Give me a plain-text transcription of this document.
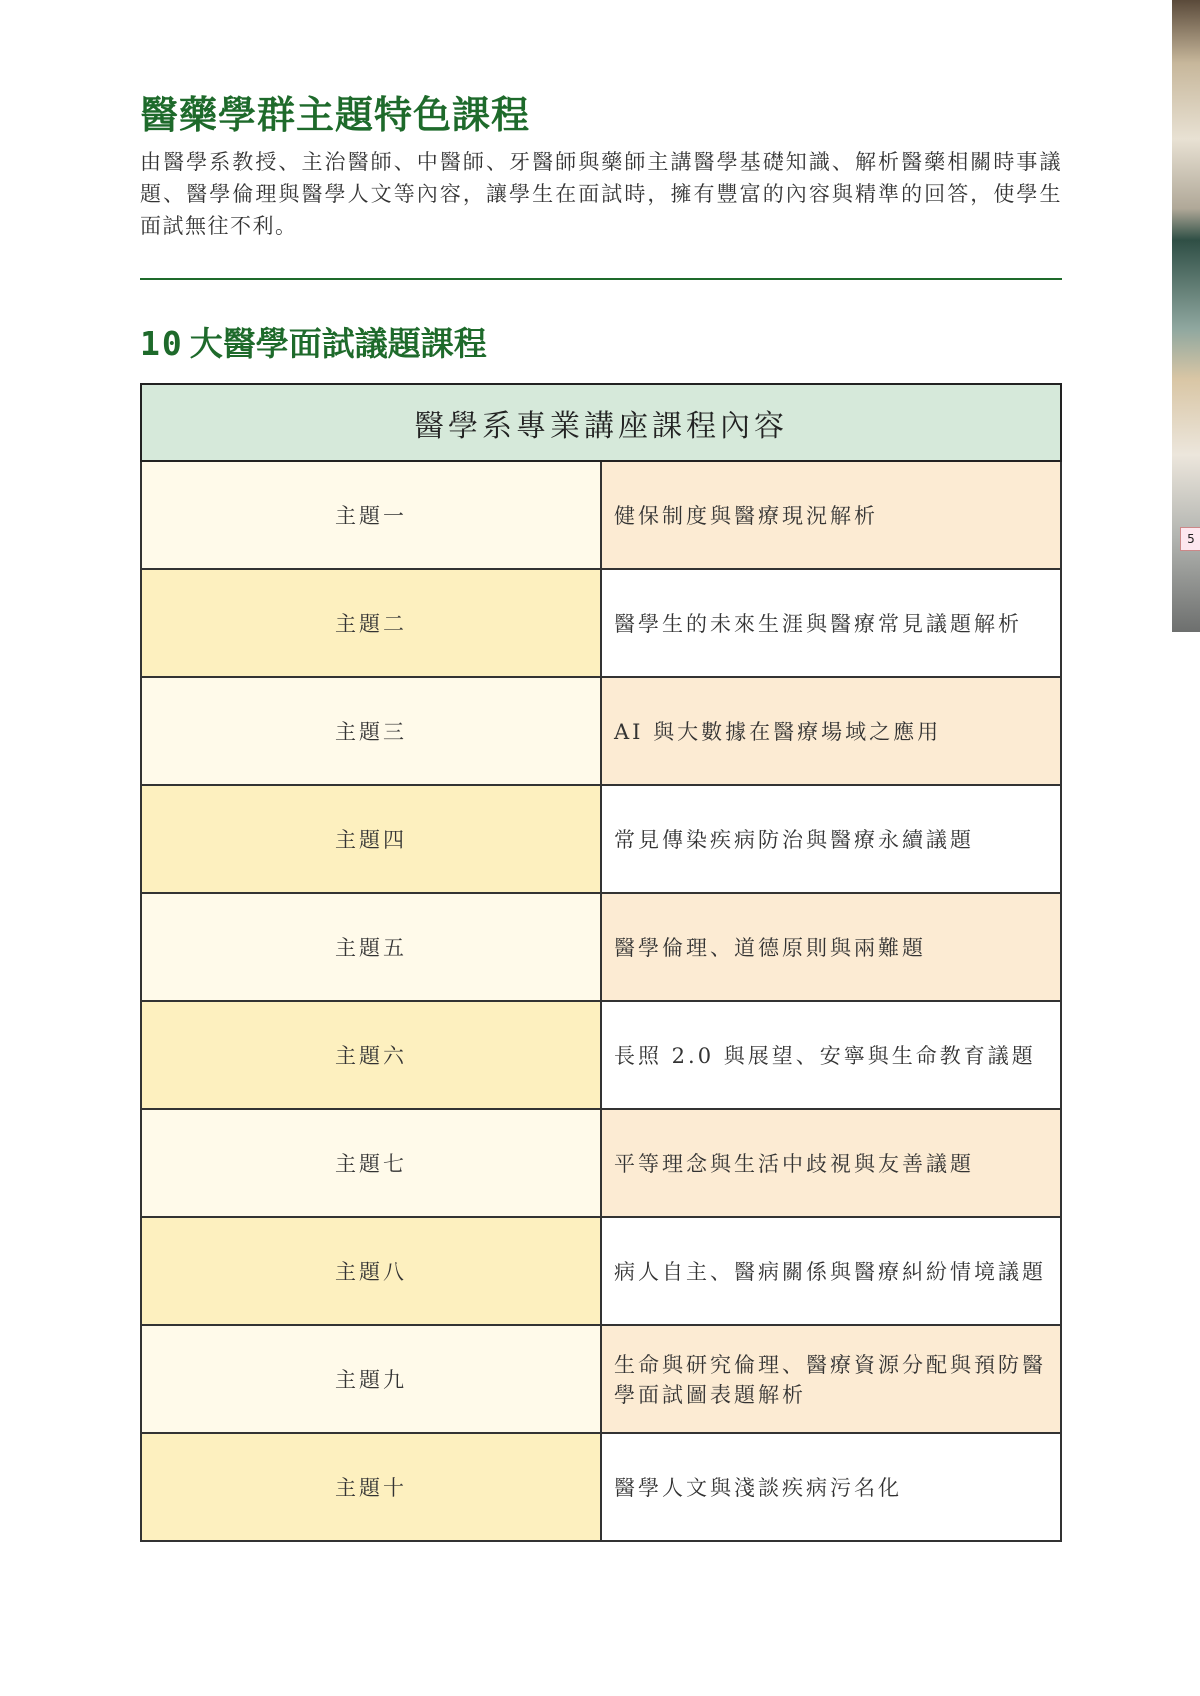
醫藥學群主題特色課程
由醫學系教授、主治醫師、中醫師、牙醫師與藥師主講醫學基礎知識、解析醫藥相關時事議題、醫學倫理與醫學人文等內容，讓學生在面試時，擁有豐富的內容與精準的回答，使學生面試無往不利。
10 大醫學面試議題課程
醫學系專業講座課程內容	
主題一	健保制度與醫療現況解析
主題二	醫學生的未來生涯與醫療常見議題解析
主題三	AI 與大數據在醫療場域之應用
主題四	常見傳染疾病防治與醫療永續議題
主題五	醫學倫理、道德原則與兩難題
主題六	長照 2.0 與展望、安寧與生命教育議題
主題七	平等理念與生活中歧視與友善議題
主題八	病人自主、醫病關係與醫療糾紛情境議題
主題九	生命與研究倫理、醫療資源分配與預防醫學面試圖表題解析
主題十	醫學人文與淺談疾病污名化
5
